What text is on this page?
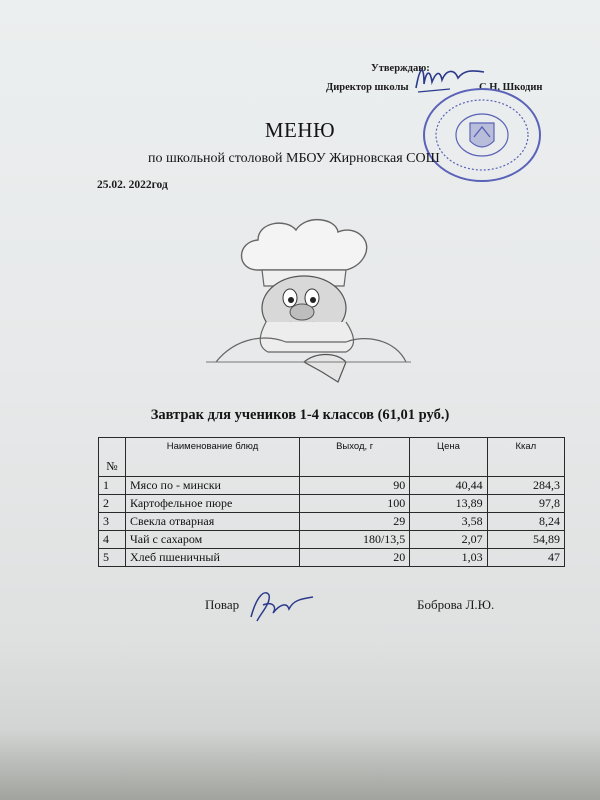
Утверждаю:
Директор школы	С.Н. Шкодин
МЕНЮ
по школьной столовой МБОУ Жирновская СОШ
25.02. 2022год
Завтрак для учеников 1-4 классов (61,01 руб.)
№	Наименование блюд	Выход, г	Цена	Ккал
1	Мясо по - мински	90	40,44	284,3
2	Картофельное пюре	100	13,89	97,8
3	Свекла отварная	29	3,58	8,24
4	Чай с сахаром	180/13,5	2,07	54,89
5	Хлеб пшеничный	20	1,03	47
Повар	Боброва Л.Ю.
